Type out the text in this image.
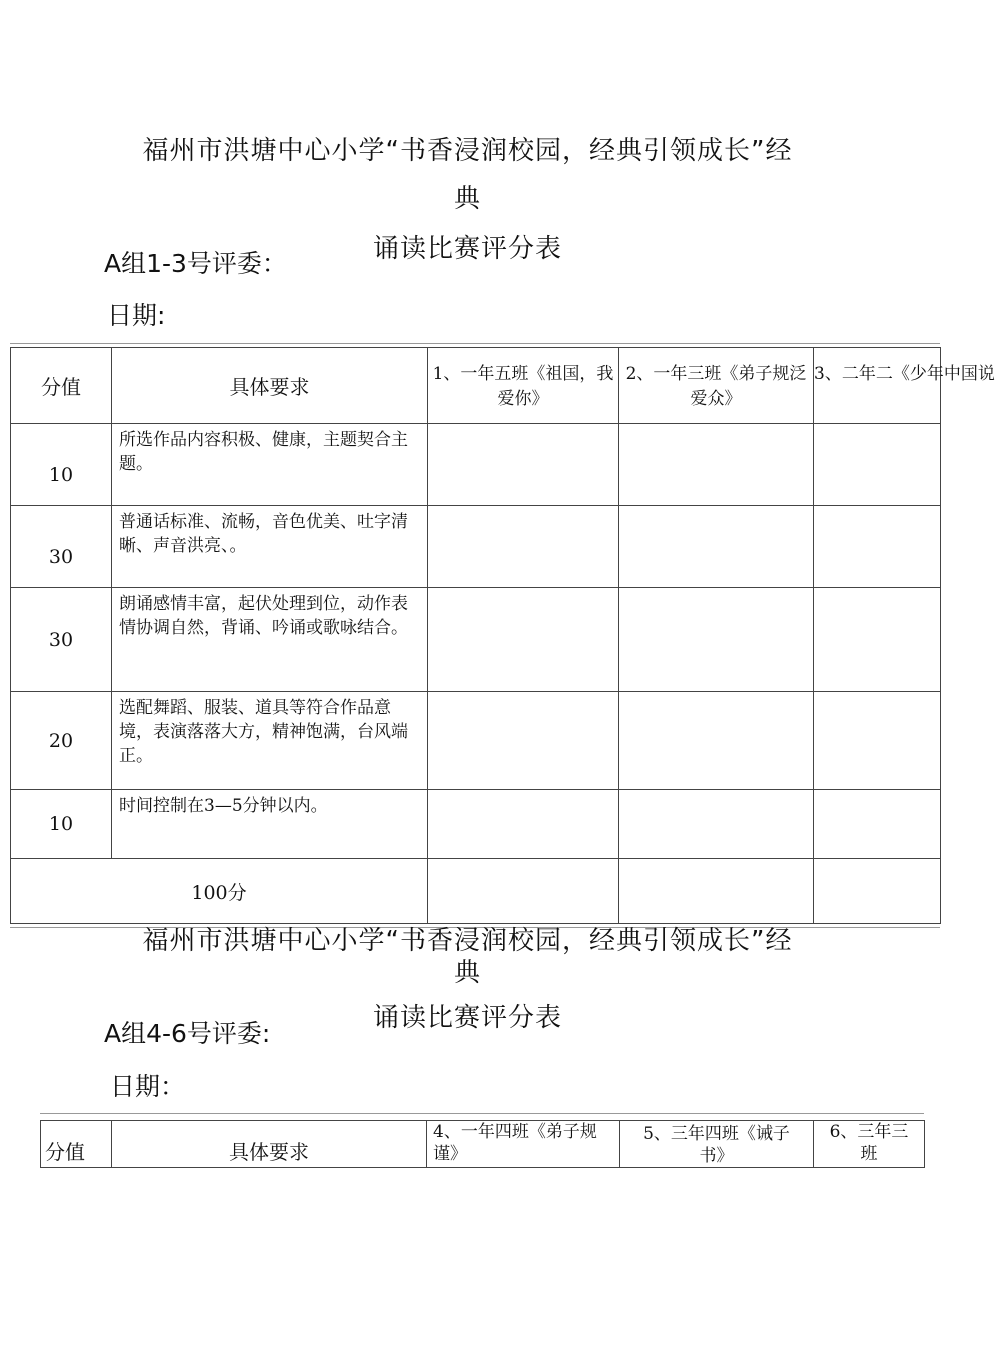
福州市洪塘中心小学“书香浸润校园，经典引领成长”经
典
诵读比赛评分表
A组1-3号评委：
日期:
分值	具体要求	1、一年五班《祖国，我爱你》	2、一年三班《弟子规泛爱众》	3、二年二《少年中国说
10	所选作品内容积极、健康，主题契合主题。			
30	普通话标准、流畅，音色优美、吐字清晰、声音洪亮、。			
30	朗诵感情丰富，起伏处理到位，动作表情协调自然，背诵、吟诵或歌咏结合。			
20	选配舞蹈、服装、道具等符合作品意境，表演落落大方，精神饱满，台风端正。			
10	时间控制在3—5分钟以内。			
100分				
福州市洪塘中心小学“书香浸润校园，经典引领成长”经
典
诵读比赛评分表
A组4-6号评委:
日期：
分值	具体要求	4、一年四班《弟子规谨》	5、三年四班《诫子书》	6、三年三班
